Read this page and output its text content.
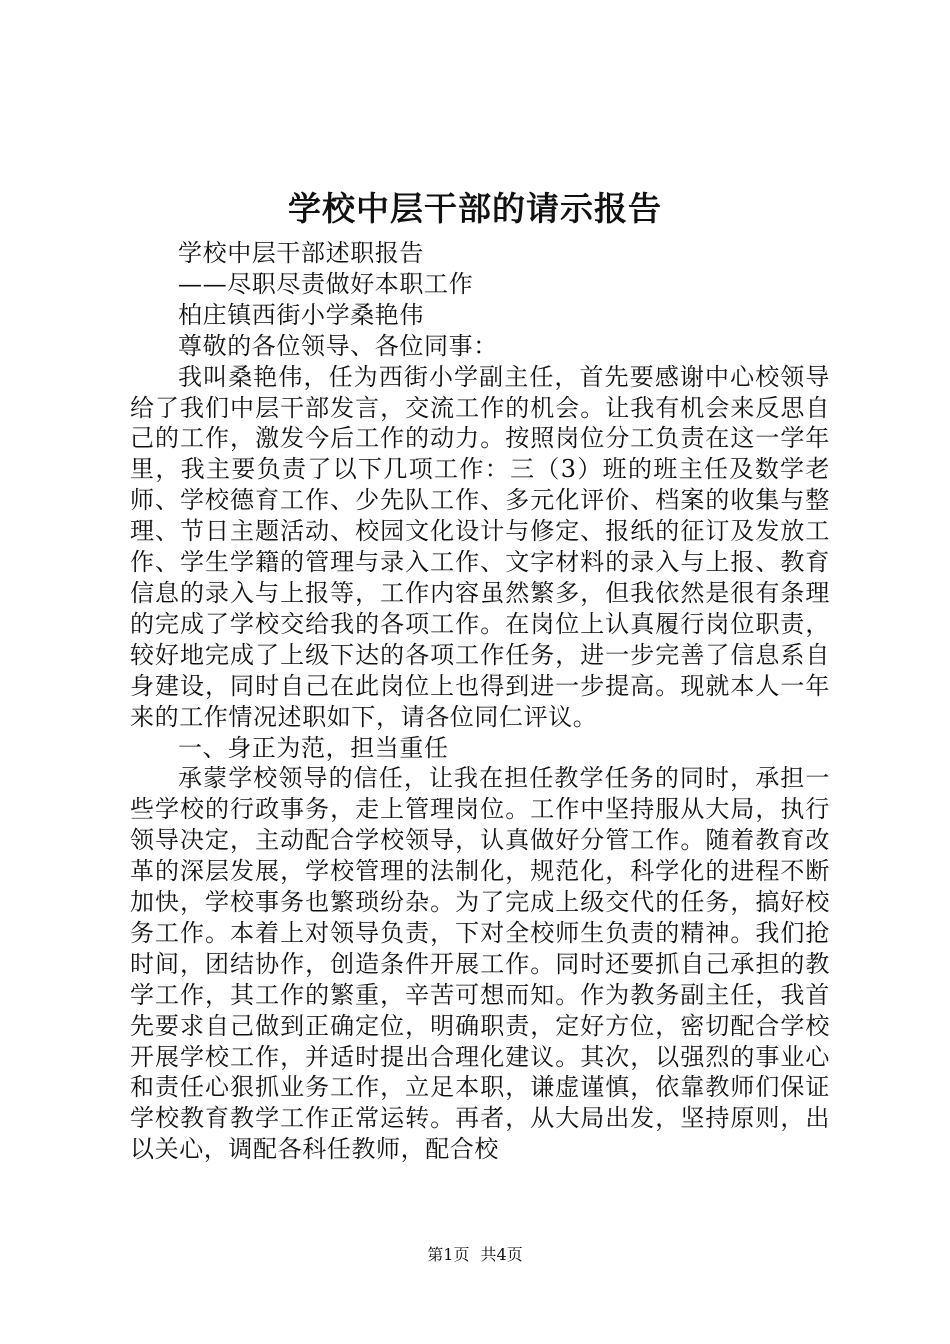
学校中层干部的请示报告

学校中层干部述职报告

——尽职尽责做好本职工作

柏庄镇西街小学桑艳伟

尊敬的各位领导、各位同事：

我叫桑艳伟，任为西街小学副主任，首先要感谢中心校领导给了我们中层干部发言，交流工作的机会。让我有机会来反思自己的工作，激发今后工作的动力。按照岗位分工负责在这一学年里，我主要负责了以下几项工作：三（3）班的班主任及数学老师、学校德育工作、少先队工作、多元化评价、档案的收集与整理、节日主题活动、校园文化设计与修定、报纸的征订及发放工作、学生学籍的管理与录入工作、文字材料的录入与上报、教育信息的录入与上报等，工作内容虽然繁多，但我依然是很有条理的完成了学校交给我的各项工作。在岗位上认真履行岗位职责，较好地完成了上级下达的各项工作任务，进一步完善了信息系自身建设，同时自己在此岗位上也得到进一步提高。现就本人一年来的工作情况述职如下，请各位同仁评议。

一、身正为范，担当重任

承蒙学校领导的信任，让我在担任教学任务的同时，承担一些学校的行政事务，走上管理岗位。工作中坚持服从大局，执行领导决定，主动配合学校领导，认真做好分管工作。随着教育改革的深层发展，学校管理的法制化，规范化，科学化的进程不断加快，学校事务也繁琐纷杂。为了完成上级交代的任务，搞好校务工作。本着上对领导负责，下对全校师生负责的精神。我们抢时间，团结协作，创造条件开展工作。同时还要抓自己承担的教学工作，其工作的繁重，辛苦可想而知。作为教务副主任，我首先要求自己做到正确定位，明确职责，定好方位，密切配合学校开展学校工作，并适时提出合理化建议。其次，以强烈的事业心和责任心狠抓业务工作，立足本职，谦虚谨慎，依靠教师们保证学校教育教学工作正常运转。再者，从大局出发，坚持原则，出以关心，调配各科任教师，配合校

第1页 共4页
